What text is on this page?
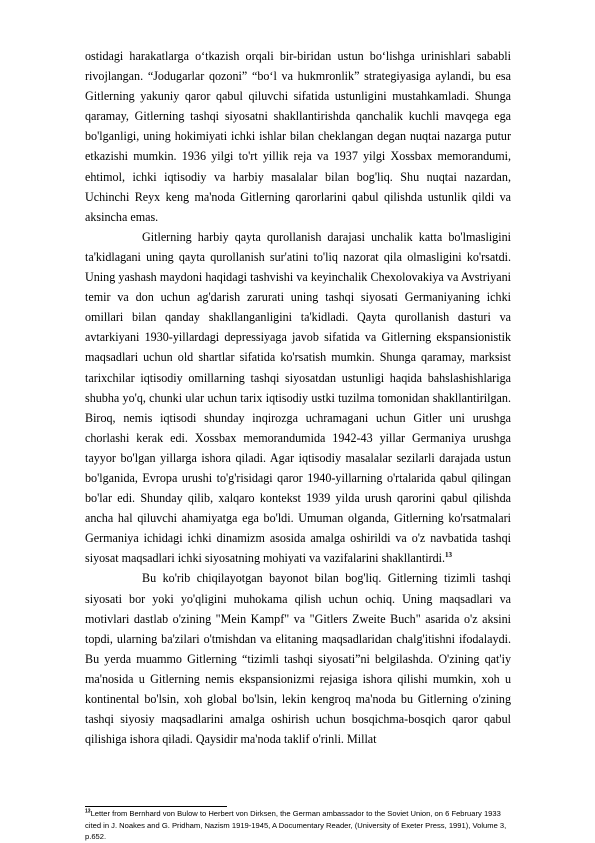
ostidagi harakatlarga oʻtkazish orqali bir-biridan ustun boʻlishga urinishlari sababli rivojlangan. “Jodugarlar qozoni” “boʻl va hukmronlik” strategiyasiga aylandi, bu esa Gitlerning yakuniy qaror qabul qiluvchi sifatida ustunligini mustahkamladi. Shunga qaramay, Gitlerning tashqi siyosatni shakllantirishda qanchalik kuchli mavqega ega bo'lganligi, uning hokimiyati ichki ishlar bilan cheklangan degan nuqtai nazarga putur etkazishi mumkin. 1936 yilgi to'rt yillik reja va 1937 yilgi Xossbax memorandumi, ehtimol, ichki iqtisodiy va harbiy masalalar bilan bog'liq. Shu nuqtai nazardan, Uchinchi Reyx keng ma'noda Gitlerning qarorlarini qabul qilishda ustunlik qildi va aksincha emas.

Gitlerning harbiy qayta qurollanish darajasi unchalik katta bo'lmasligini ta'kidlagani uning qayta qurollanish sur'atini to'liq nazorat qila olmasligini ko'rsatdi. Uning yashash maydoni haqidagi tashvishi va keyinchalik Chexolovakiya va Avstriyani temir va don uchun ag'darish zarurati uning tashqi siyosati Germaniyaning ichki omillari bilan qanday shakllanganligini ta'kidladi. Qayta qurollanish dasturi va avtarkiyani 1930-yillardagi depressiyaga javob sifatida va Gitlerning ekspansionistik maqsadlari uchun old shartlar sifatida ko'rsatish mumkin. Shunga qaramay, marksist tarixchilar iqtisodiy omillarning tashqi siyosatdan ustunligi haqida bahslashishlariga shubha yo'q, chunki ular uchun tarix iqtisodiy ustki tuzilma tomonidan shakllantirilgan. Biroq, nemis iqtisodi shunday inqirozga uchramagani uchun Gitler uni urushga chorlashi kerak edi. Xossbax memorandumida 1942-43 yillar Germaniya urushga tayyor bo'lgan yillarga ishora qiladi. Agar iqtisodiy masalalar sezilarli darajada ustun bo'lganida, Evropa urushi to'g'risidagi qaror 1940-yillarning o'rtalarida qabul qilingan bo'lar edi. Shunday qilib, xalqaro kontekst 1939 yilda urush qarorini qabul qilishda ancha hal qiluvchi ahamiyatga ega bo'ldi. Umuman olganda, Gitlerning ko'rsatmalari Germaniya ichidagi ichki dinamizm asosida amalga oshirildi va o'z navbatida tashqi siyosat maqsadlari ichki siyosatning mohiyati va vazifalarini shakllantirdi.$^{13}$

Bu ko'rib chiqilayotgan bayonot bilan bog'liq. Gitlerning tizimli tashqi siyosati bor yoki yo'qligini muhokama qilish uchun ochiq. Uning maqsadlari va motivlari dastlab o'zining "Mein Kampf" va "Gitlers Zweite Buch" asarida o'z aksini topdi, ularning ba'zilari o'tmishdan va elitaning maqsadlaridan chalg'itishni ifodalaydi. Bu yerda muammo Gitlerning “tizimli tashqi siyosati”ni belgilashda. O'zining qat'iy ma'nosida u Gitlerning nemis ekspansionizmi rejasiga ishora qilishi mumkin, xoh u kontinental bo'lsin, xoh global bo'lsin, lekin kengroq ma'noda bu Gitlerning o'zining tashqi siyosiy maqsadlarini amalga oshirish uchun bosqichma-bosqich qaror qabul qilishiga ishora qiladi. Qaysidir ma'noda taklif o'rinli. Millat

$^{13}$Letter from Bernhard von Bulow to Herbert von Dirksen, the German ambassador to the Soviet Union, on 6 February 1933 cited in J. Noakes and G. Pridham, Nazism 1919-1945, A Documentary Reader, (University of Exeter Press, 1991), Volume 3, p.652.
